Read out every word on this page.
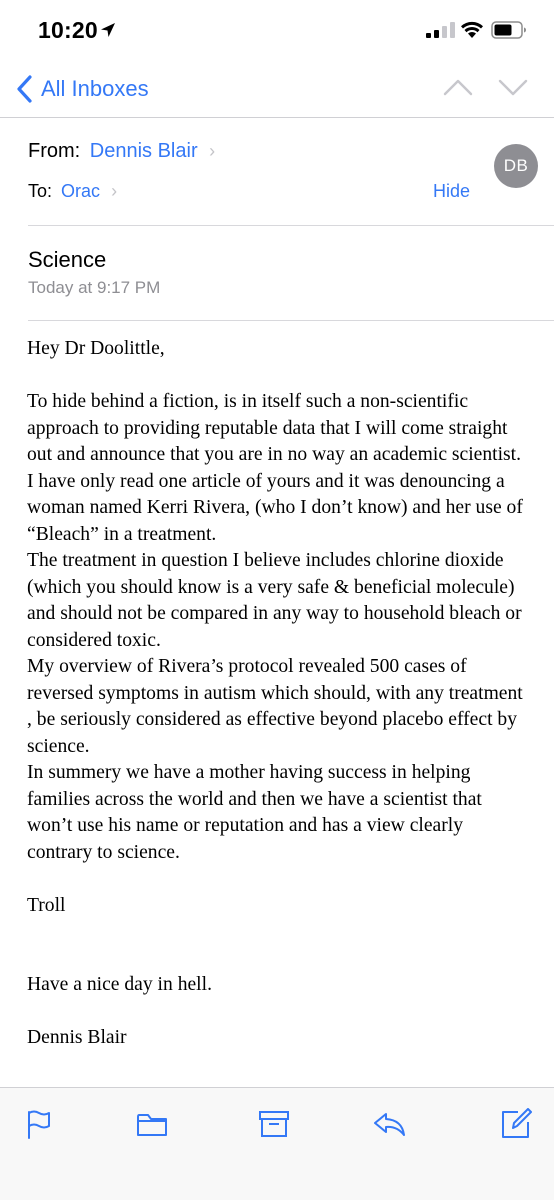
10:20
All Inboxes
From: Dennis Blair ›
To: Orac ›	Hide
DB
Science
Today at 9:17 PM

Hey Dr Doolittle,

To hide behind a fiction, is in itself such a non-scientific approach to providing reputable data that I will come straight out and announce that you are in no way an academic scientist.

I have only read one article of yours and it was denouncing a woman named Kerri Rivera, (who I don’t know) and her use of “Bleach” in a treatment.

The treatment in question I believe includes chlorine dioxide (which you should know is a very safe & beneficial molecule) and should not be compared in any way to household bleach or considered toxic.

My overview of Rivera’s protocol revealed 500 cases of reversed symptoms in autism which should, with any treatment , be seriously considered as effective beyond placebo effect by science.

In summery we have a mother having success in helping families across the world and then we have a scientist that won’t use his name or reputation and has a view clearly contrary to science.

Troll

Have a nice day in hell.

Dennis Blair
